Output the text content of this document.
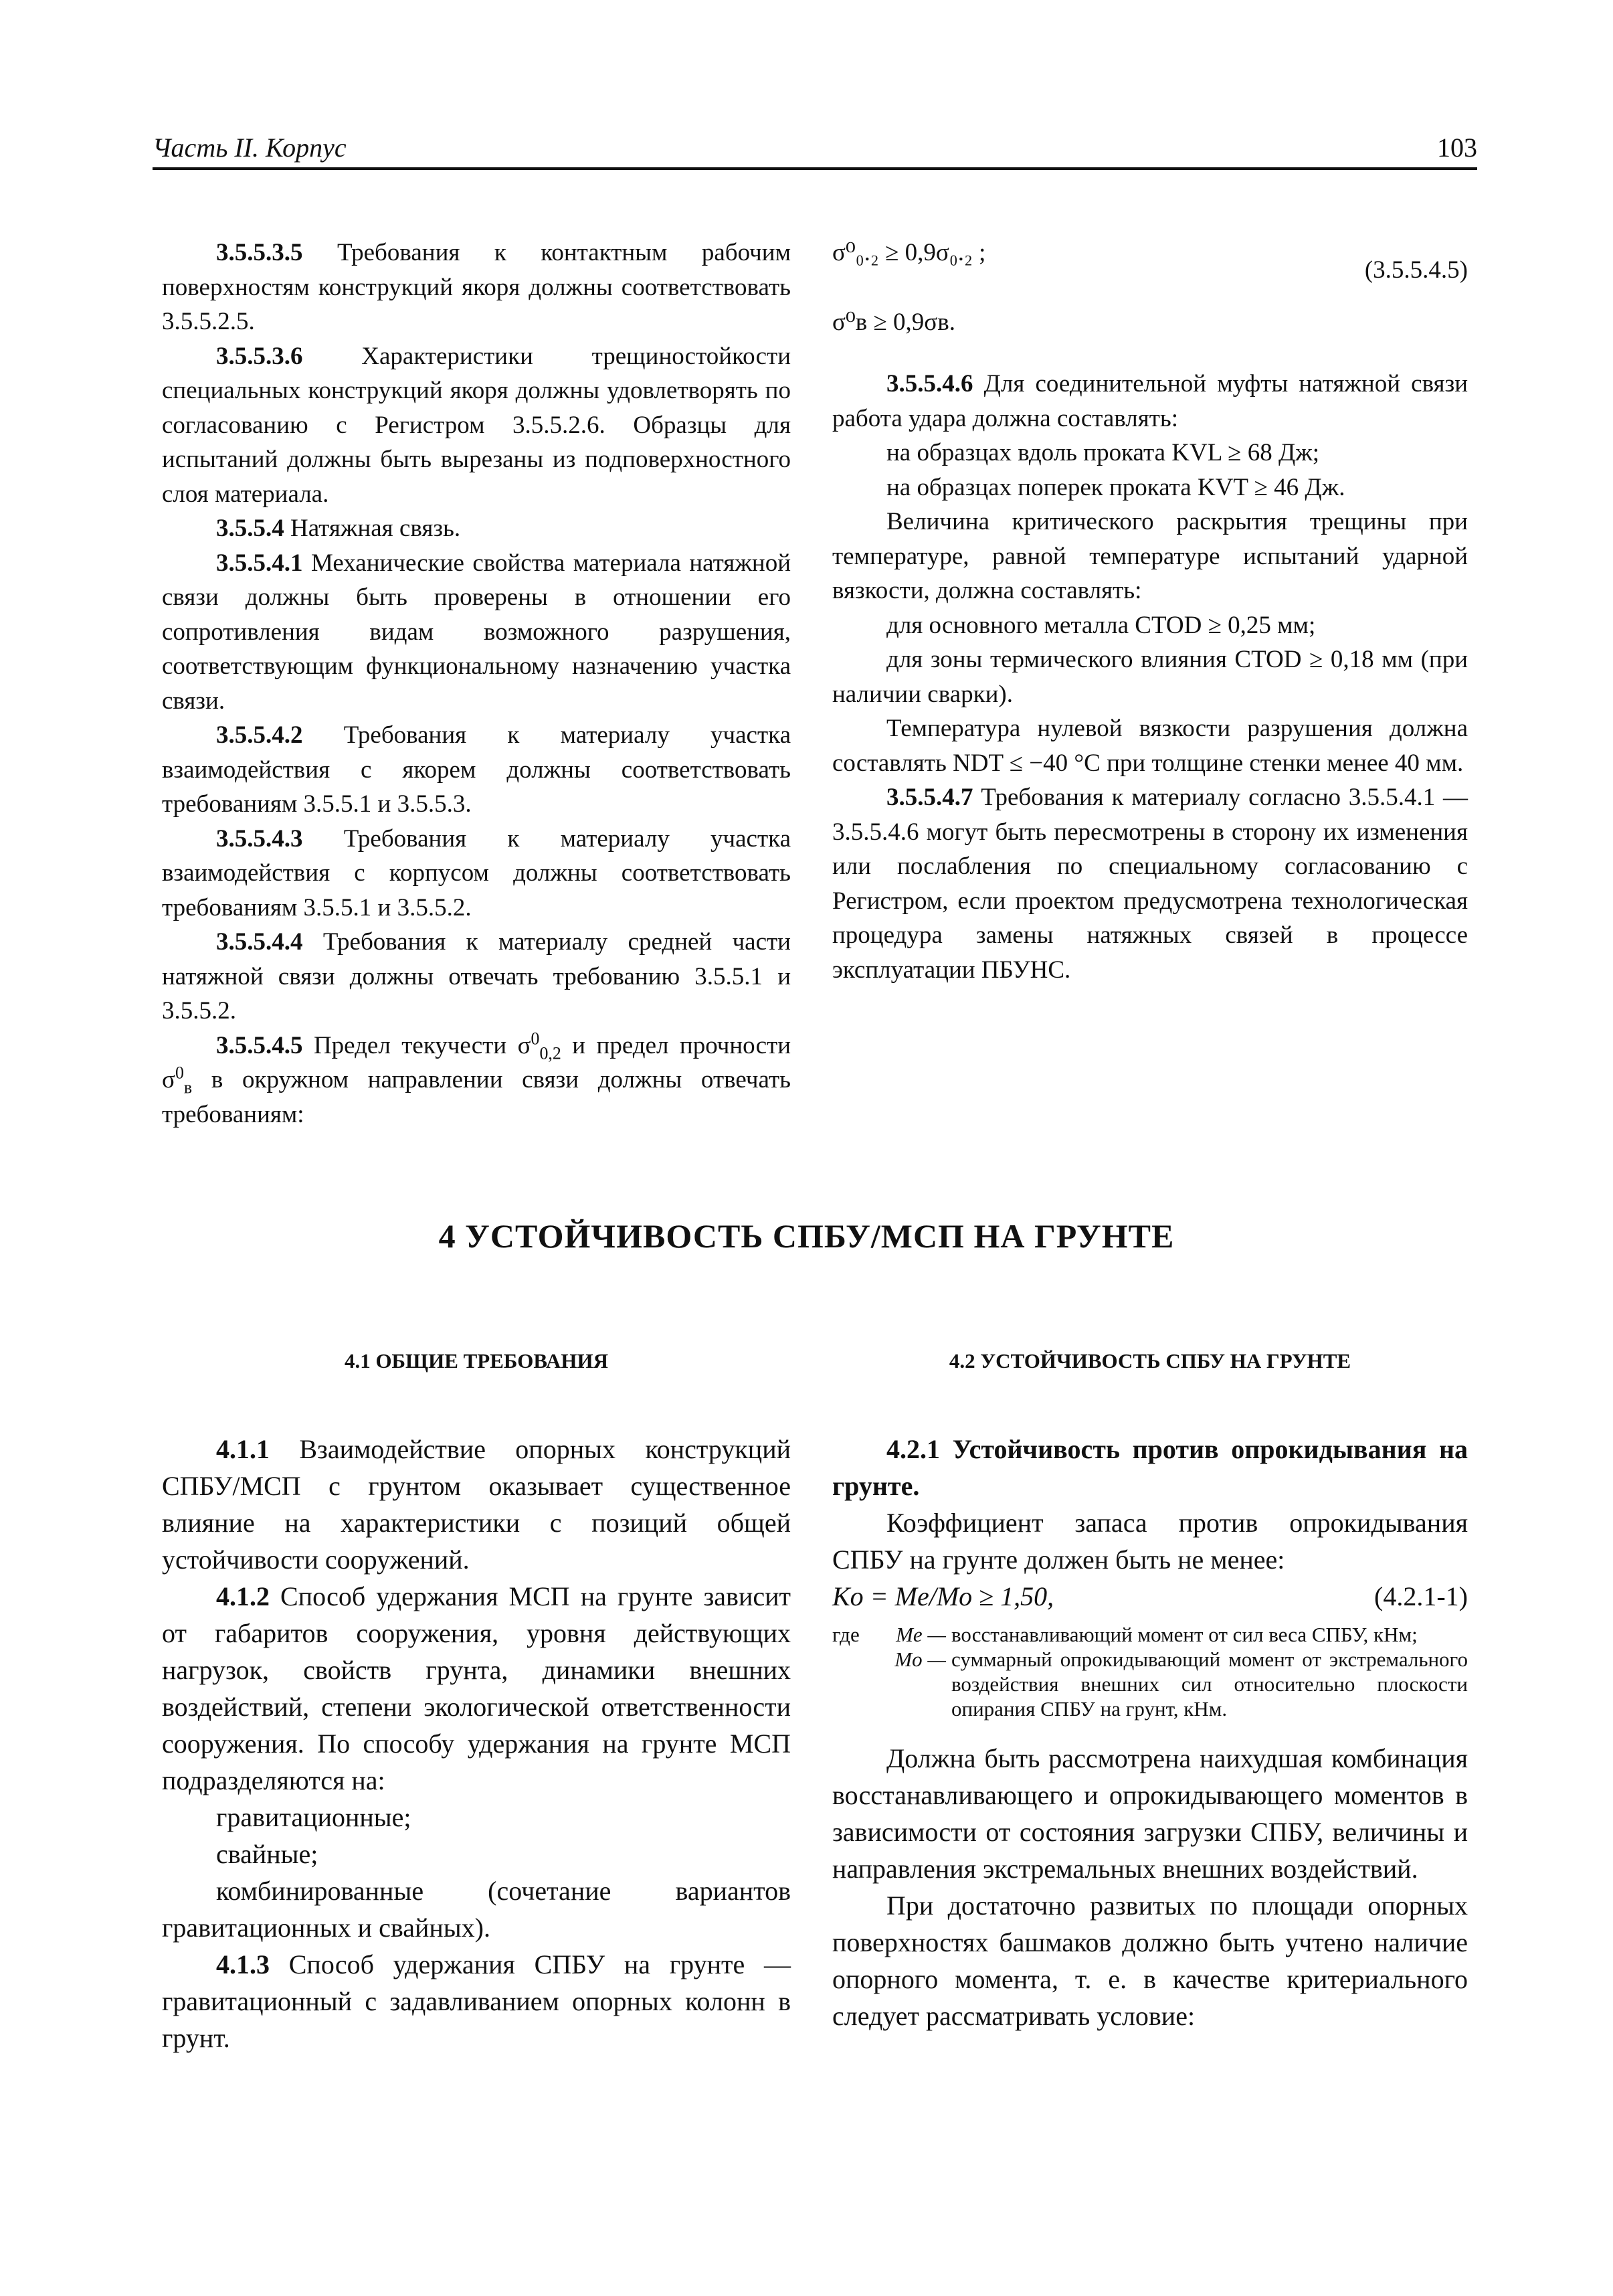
Часть II. Корпус	103

3.5.5.3.5 Требования к контактным рабочим поверхностям конструкций якоря должны соответствовать 3.5.5.2.5.

3.5.5.3.6 Характеристики трещиностойкости специальных конструкций якоря должны удовлетворять по согласованию с Регистром 3.5.5.2.6. Образцы для испытаний должны быть вырезаны из подповерхностного слоя материала.

3.5.5.4 Натяжная связь.

3.5.5.4.1 Механические свойства материала натяжной связи должны быть проверены в отношении его сопротивления видам возможного разрушения, соответствующим функциональному назначению участка связи.

3.5.5.4.2 Требования к материалу участка взаимодействия с якорем должны соответствовать требованиям 3.5.5.1 и 3.5.5.3.

3.5.5.4.3 Требования к материалу участка взаимодействия с корпусом должны соответствовать требованиям 3.5.5.1 и 3.5.5.2.

3.5.5.4.4 Требования к материалу средней части натяжной связи должны отвечать требованию 3.5.5.1 и 3.5.5.2.

3.5.5.4.5 Предел текучести $\sigma^0_{0,2}$ и предел прочности $\sigma^0_в$ в окружном направлении связи должны отвечать требованиям:

σ⁰₀.₂ ≥ 0,9σ₀.₂ ;

(3.5.5.4.5)

σ⁰в ≥ 0,9σв.

3.5.5.4.6 Для соединительной муфты натяжной связи работа удара должна составлять:

на образцах вдоль проката KVL ≥ 68 Дж;

на образцах поперек проката KVT ≥ 46 Дж.

Величина критического раскрытия трещины при температуре, равной температуре испытаний ударной вязкости, должна составлять:

для основного металла CTOD ≥ 0,25 мм;

для зоны термического влияния CTOD ≥ 0,18 мм (при наличии сварки).

Температура нулевой вязкости разрушения должна составлять NDT ≤ −40 °С при толщине стенки менее 40 мм.

3.5.5.4.7 Требования к материалу согласно 3.5.5.4.1 — 3.5.5.4.6 могут быть пересмотрены в сторону их изменения или послабления по специальному согласованию с Регистром, если проектом предусмотрена технологическая процедура замены натяжных связей в процессе эксплуатации ПБУНС.

4 УСТОЙЧИВОСТЬ СПБУ/МСП НА ГРУНТЕ
4.1 ОБЩИЕ ТРЕБОВАНИЯ	4.2 УСТОЙЧИВОСТЬ СПБУ НА ГРУНТЕ

4.1.1 Взаимодействие опорных конструкций СПБУ/МСП с грунтом оказывает существенное влияние на характеристики с позиций общей устойчивости сооружений.

4.1.2 Способ удержания МСП на грунте зависит от габаритов сооружения, уровня действующих нагрузок, свойств грунта, динамики внешних воздействий, степени экологической ответственности сооружения. По способу удержания на грунте МСП подразделяются на:

гравитационные;

свайные;

комбинированные (сочетание вариантов гравитационных и свайных).

4.1.3 Способ удержания СПБУ на грунте — гравитационный с задавливанием опорных колонн в грунт.

4.2.1 Устойчивость против опрокидывания на грунте.

Коэффициент запаса против опрокидывания СПБУ на грунте должен быть не менее:

Ko = Me/Mo ≥ 1,50,	(4.2.1-1)

где	Me — восстанавливающий момент от сил веса СПБУ, кНм;
Mo — суммарный опрокидывающий момент от экстремального воздействия внешних сил относительно плоскости опирания СПБУ на грунт, кНм.

Должна быть рассмотрена наихудшая комбинация восстанавливающего и опрокидывающего моментов в зависимости от состояния загрузки СПБУ, величины и направления экстремальных внешних воздействий.

При достаточно развитых по площади опорных поверхностях башмаков должно быть учтено наличие опорного момента, т. е. в качестве критериального следует рассматривать условие:
